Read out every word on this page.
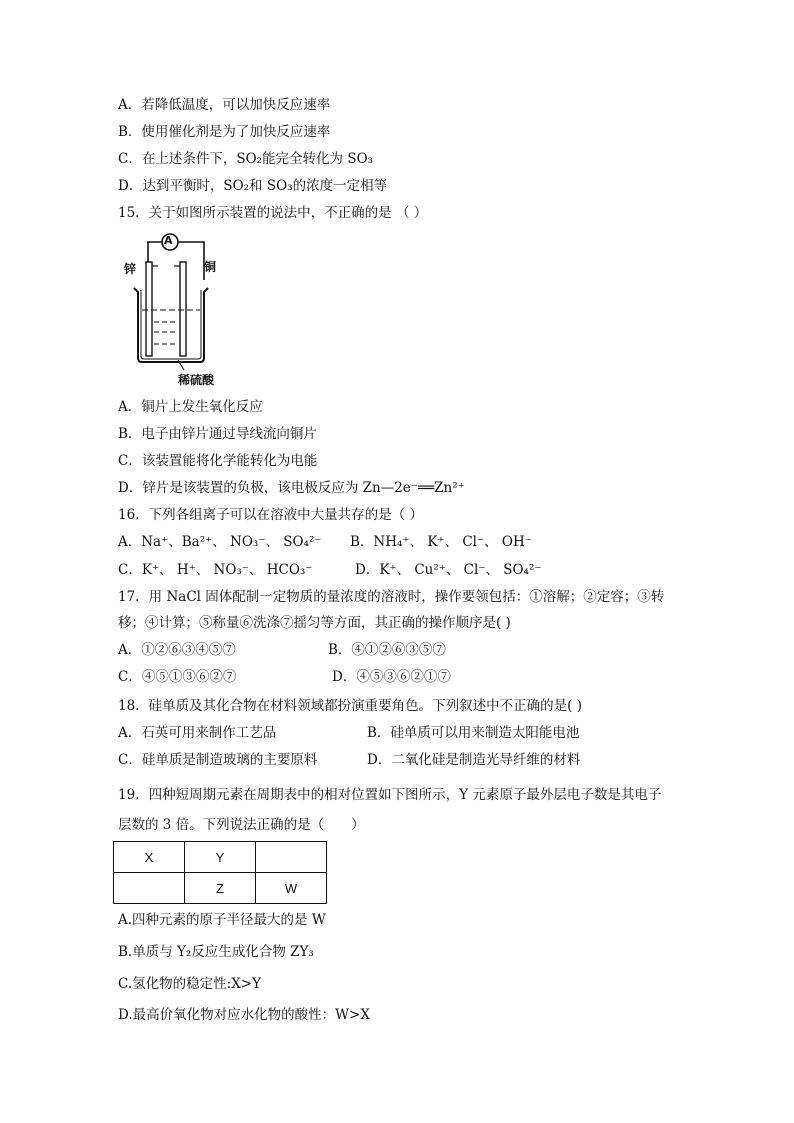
A．若降低温度，可以加快反应速率
B．使用催化剂是为了加快反应速率
C．在上述条件下，SO₂能完全转化为 SO₃
D．达到平衡时，SO₂和 SO₃的浓度一定相等
15．关于如图所示装置的说法中，不正确的是 （ ）
A
锌	铜
稀硫酸
A．铜片上发生氧化反应
B．电子由锌片通过导线流向铜片
C．该装置能将化学能转化为电能
D．锌片是该装置的负极，该电极反应为 Zn—2e⁻══Zn²⁺
16．下列各组离子可以在溶液中大量共存的是（ ）
A．Na⁺、Ba²⁺、 NO₃⁻、 SO₄²⁻ B．NH₄⁺、 K⁺、 Cl⁻、 OH⁻
C．K⁺、 H⁺、 NO₃⁻、 HCO₃⁻	D．K⁺、 Cu²⁺、 Cl⁻、 SO₄²⁻
17．用 NaCl 固体配制一定物质的量浓度的溶液时，操作要领包括：①溶解；②定容；③转
移；④计算；⑤称量⑥洗涤⑦摇匀等方面，其正确的操作顺序是( )
A．①②⑥③④⑤⑦	B．④①②⑥③⑤⑦
C．④⑤①③⑥②⑦	D．④⑤③⑥②①⑦
18．硅单质及其化合物在材料领域都扮演重要角色。下列叙述中不正确的是( )
A．石英可用来制作工艺品	B．硅单质可以用来制造太阳能电池
C．硅单质是制造玻璃的主要原料	D．二氧化硅是制造光导纤维的材料
19．四种短周期元素在周期表中的相对位置如下图所示，Y 元素原子最外层电子数是其电子
层数的 3 倍。下列说法正确的是（　　）
X	Y	
	Z	W
A.四种元素的原子半径最大的是 W
B.单质与 Y₂反应生成化合物 ZY₃
C.氢化物的稳定性:X>Y
D.最高价氧化物对应水化物的酸性：W>X
